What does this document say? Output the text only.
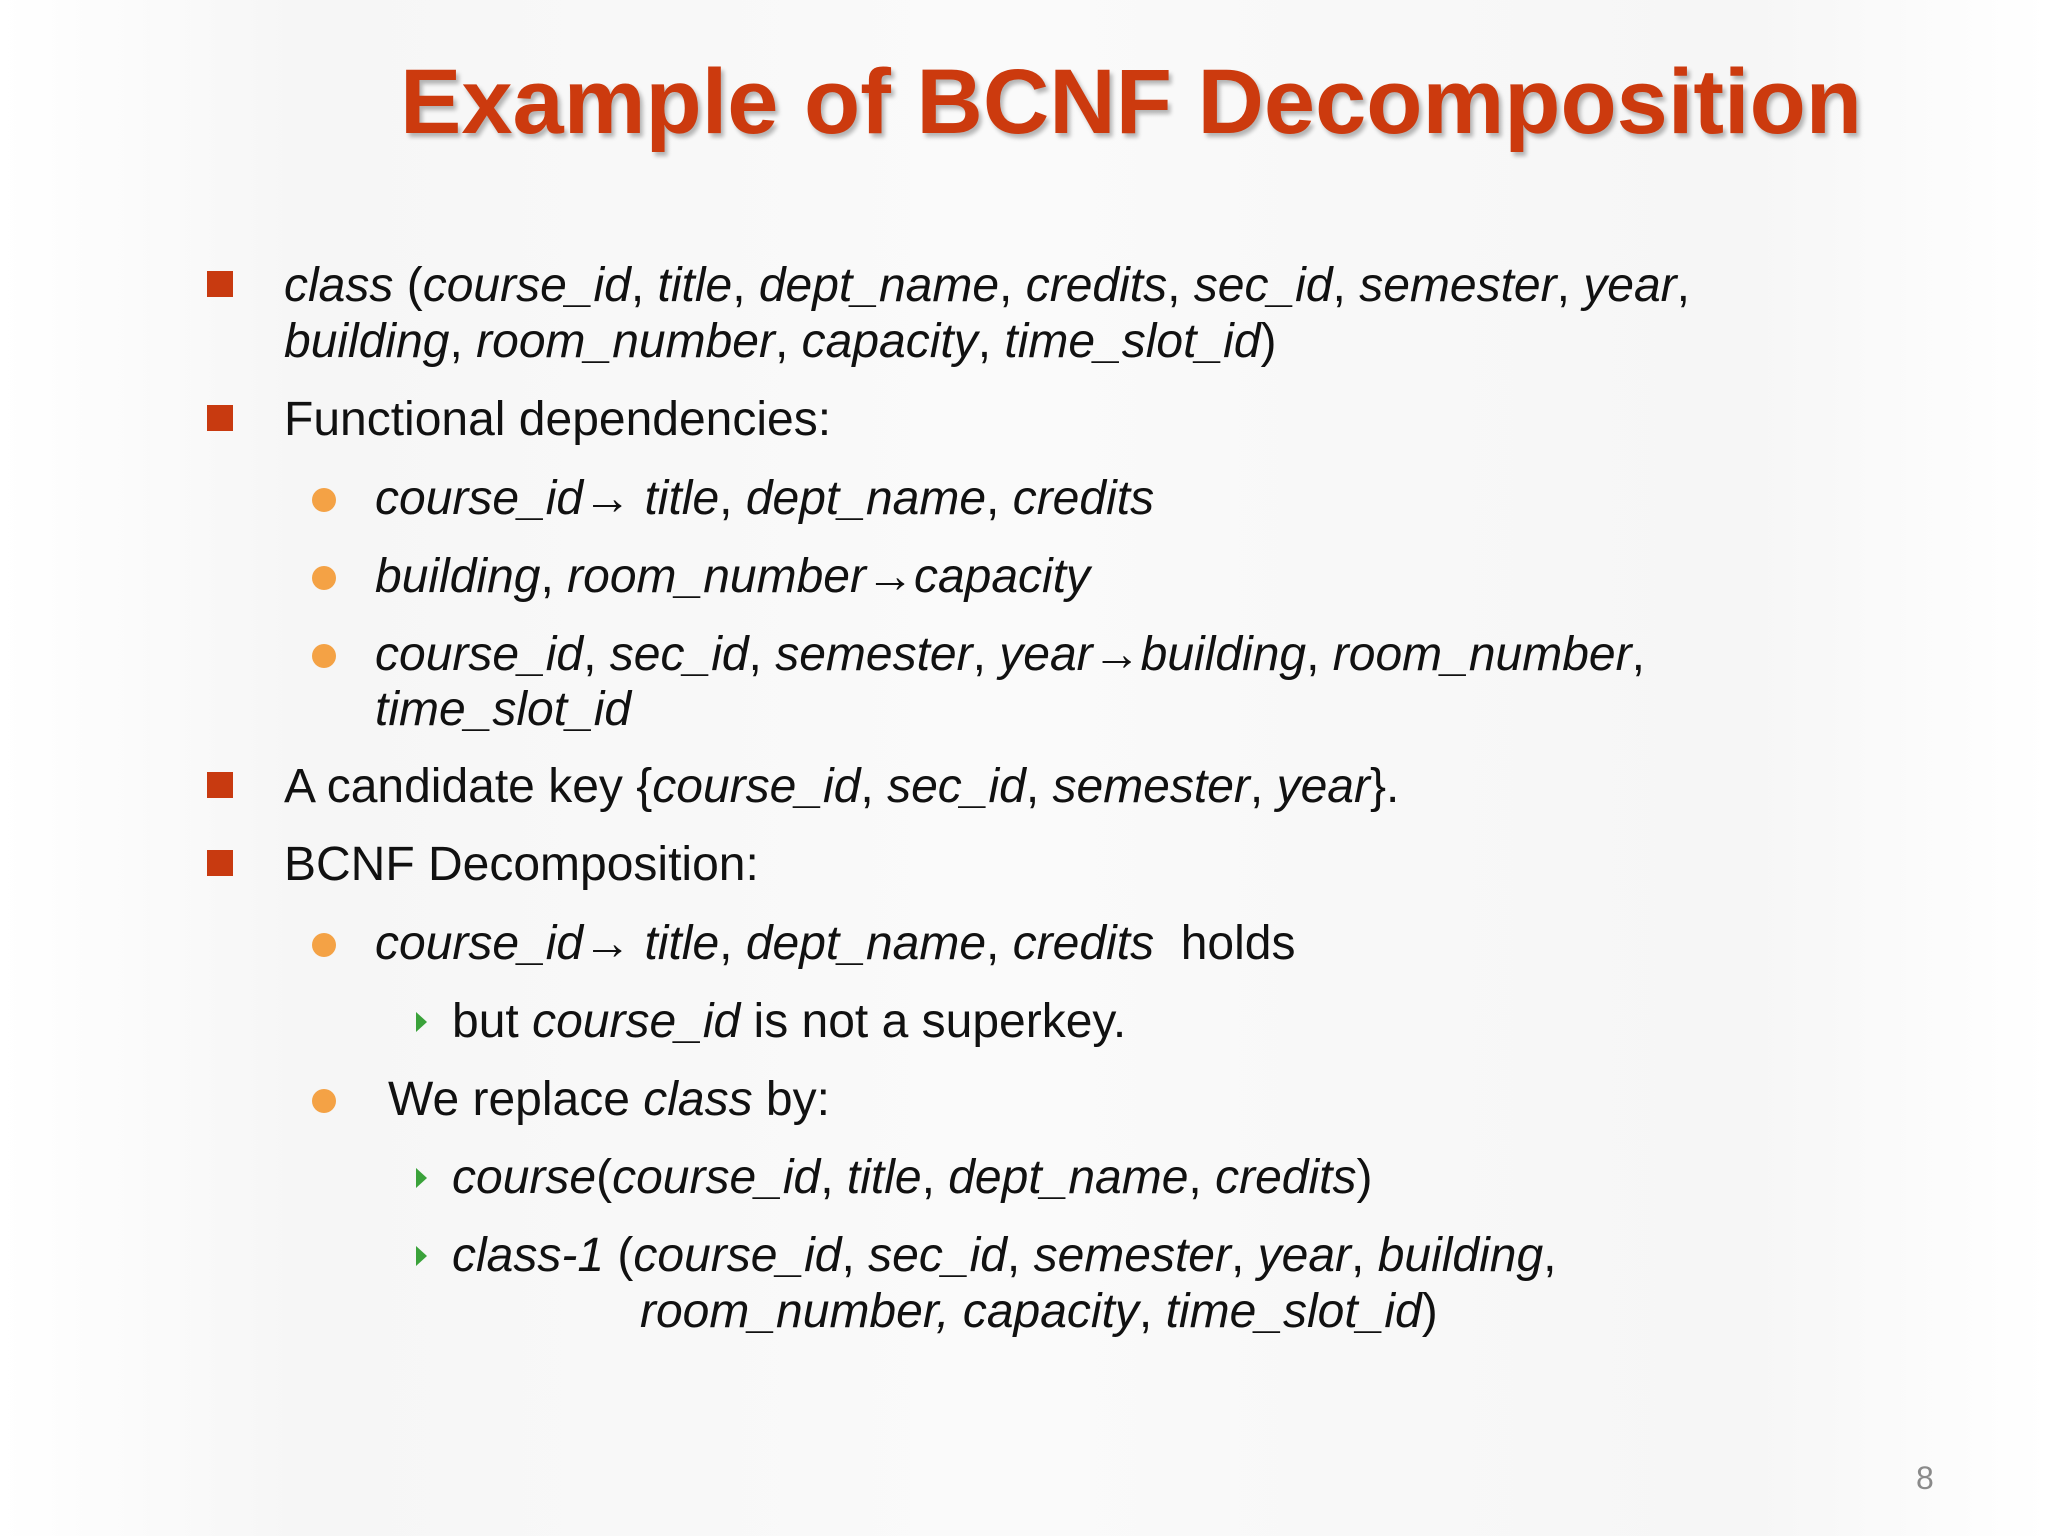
Example of BCNF Decomposition
class (course_id, title, dept_name, credits, sec_id, semester, year,
building, room_number, capacity, time_slot_id)
Functional dependencies:
course_id→ title, dept_name, credits
building, room_number→capacity
course_id, sec_id, semester, year→building, room_number,
time_slot_id
A candidate key {course_id, sec_id, semester, year}.
BCNF Decomposition:
course_id→ title, dept_name, credits  holds
but course_id is not a superkey.
We replace class by:
course(course_id, title, dept_name, credits)
class-1 (course_id, sec_id, semester, year, building,
room_number, capacity, time_slot_id)
8
